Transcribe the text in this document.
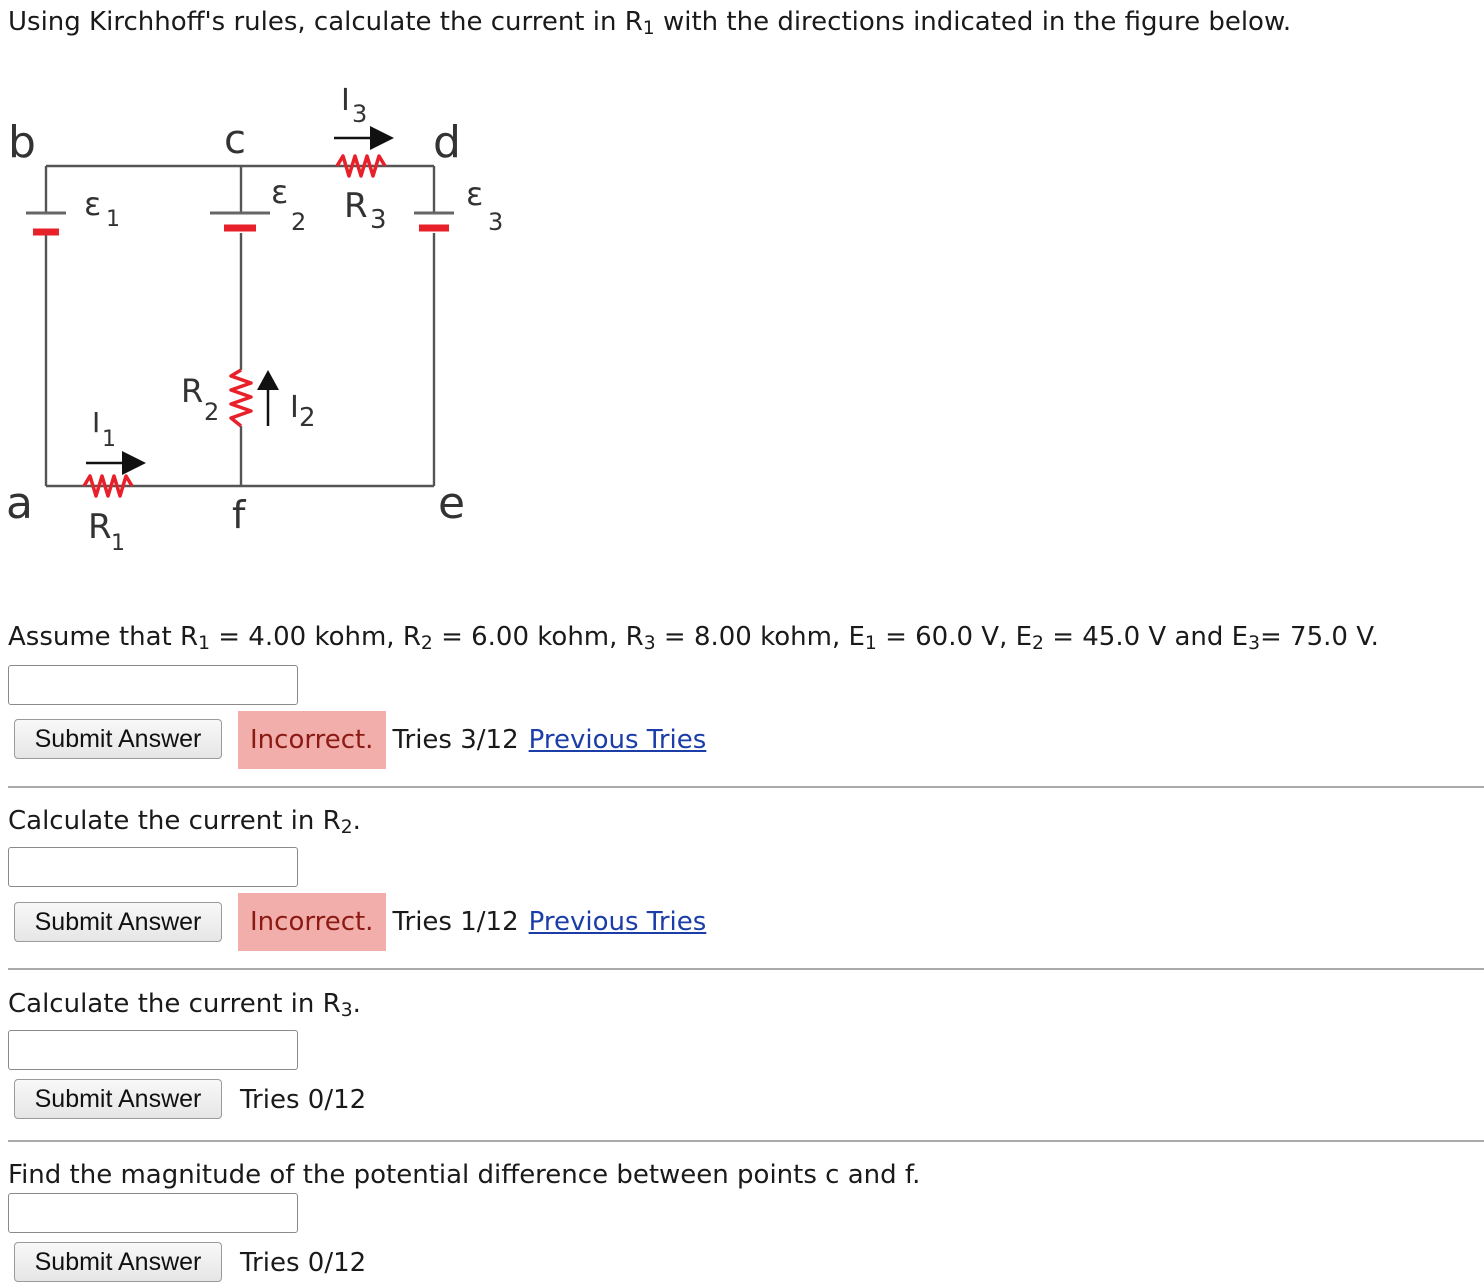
Using Kirchhoff's rules, calculate the current in $R_1$ with the directions indicated in the figure below.
b	c	d
a	f	e
ε 1
ε
2
ε
3
R 3
R
2
R 1
I 3
I 2
I
1
Assume that $R_1 = 4.00$ kohm, $R_2 = 6.00$ kohm, $R_3 = 8.00$ kohm, $E_1 = 60.0$ V, $E_2 = 45.0$ V and $E_3= 75.0$ V.
Submit Answer	Incorrect. Tries 3/12 Previous Tries
Calculate the current in $R_2$.
Submit Answer	Incorrect. Tries 1/12 Previous Tries
Calculate the current in $R_3$.
Submit Answer	Tries 0/12
Find the magnitude of the potential difference between points c and f.
Submit Answer	Tries 0/12
